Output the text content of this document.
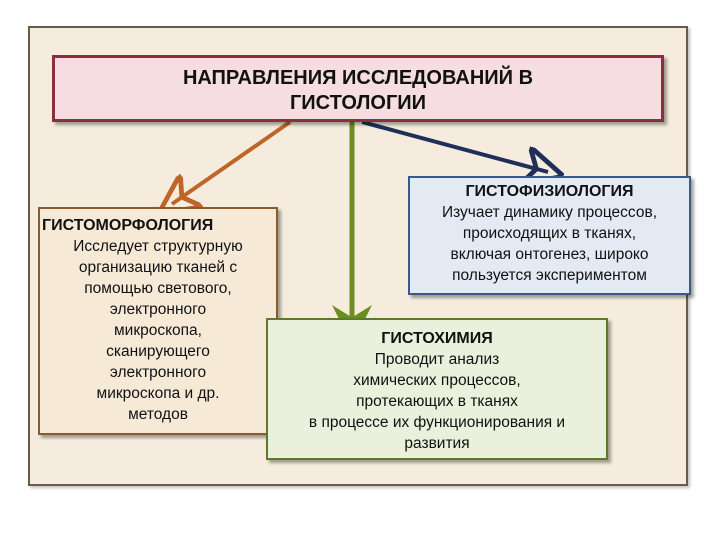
НАПРАВЛЕНИЯ ИССЛЕДОВАНИЙ В
ГИСТОЛОГИИ
ГИСТОМОРФОЛОГИЯ
Исследует структурную
организацию тканей с
помощью светового,
электронного
микроскопа,
сканирующего
электронного
микроскопа и др.
методов
ГИСТОФИЗИОЛОГИЯ
Изучает динамику процессов,
происходящих в тканях,
включая онтогенез, широко
пользуется экспериментом
ГИСТОХИМИЯ
Проводит анализ
химических процессов,
протекающих в тканях
в процессе их функционирования и
развития
